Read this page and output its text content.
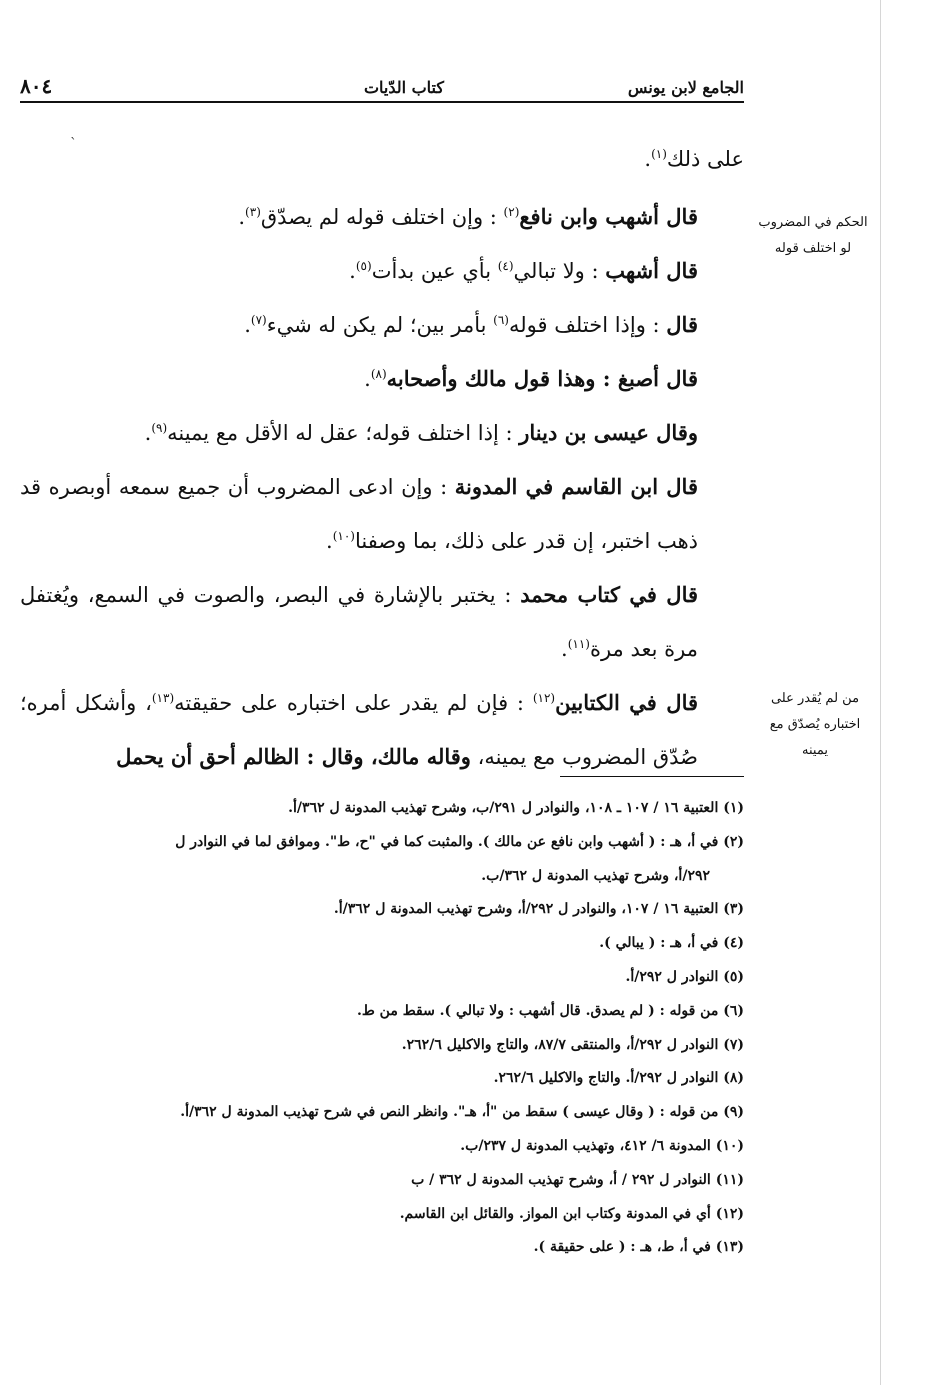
الجامع لابن يونس
كتاب الدّيات
٨٠٤
`
الحكم في المضروب لو اختلف قوله
من لم يُقدر على اختباره يُصدّق مع يمينه

على ذلك$^{(١)}$.

قال أشهب وابن نافع$^{(٢)}$ : وإن اختلف قوله لم يصدّق$^{(٣)}$.

قال أشهب : ولا تبالي$^{(٤)}$ بأي عين بدأت$^{(٥)}$.

قال : وإذا اختلف قوله$^{(٦)}$ بأمر بين؛ لم يكن له شيء$^{(٧)}$.

قال أصبغ : وهذا قول مالك وأصحابه$^{(٨)}$.

وقال عيسى بن دينار : إذا اختلف قوله؛ عقل له الأقل مع يمينه$^{(٩)}$.

قال ابن القاسم في المدونة : وإن ادعى المضروب أن جميع سمعه أوبصره قد ذهب اختبر، إن قدر على ذلك، بما وصفنا$^{(١٠)}$.

قال في كتاب محمد : يختبر بالإشارة في البصر، والصوت في السمع، ويُغتفل مرة بعد مرة$^{(١١)}$.

قال في الكتابين$^{(١٢)}$ : فإن لم يقدر على اختباره على حقيقته$^{(١٣)}$، وأشكل أمره؛ صُدّق المضروب مع يمينه، وقاله مالك، وقال : الظالم أحق أن يحمل

(١) العتبية ١٦ / ١٠٧ ـ ١٠٨، والنوادر ل ٢٩١/ب، وشرح تهذيب المدونة ل ٣٦٢/أ.

(٢) في أ، هـ : ( أشهب وابن نافع عن مالك ). والمثبت كما في "ح، ط". وموافق لما في النوادر ل

٢٩٢/أ، وشرح تهذيب المدونة ل ٣٦٢/ب.

(٣) العتبية ١٦ / ١٠٧، والنوادر ل ٢٩٢/أ، وشرح تهذيب المدونة ل ٣٦٢/أ.

(٤) في أ، هـ : ( يبالي ).

(٥) النوادر ل ٢٩٢/أ.

(٦) من قوله : ( لم يصدق. قال أشهب : ولا تبالي ). سقط من ط.

(٧) النوادر ل ٢٩٢/أ، والمنتقى ٨٧/٧، والتاج والاكليل ٢٦٢/٦.

(٨) النوادر ل ٢٩٢/أ. والتاج والاكليل ٢٦٢/٦.

(٩) من قوله : ( وقال عيسى ) سقط من "أ، هـ". وانظر النص في شرح تهذيب المدونة ل ٣٦٢/أ.

(١٠) المدونة ٦/ ٤١٢، وتهذيب المدونة ل ٢٣٧/ب.

(١١) النوادر ل ٢٩٢ / أ، وشرح تهذيب المدونة ل ٣٦٢ / ب

(١٢) أي في المدونة وكتاب ابن المواز. والقائل ابن القاسم.

(١٣) في أ، ط، هـ : ( على حقيقة ).
